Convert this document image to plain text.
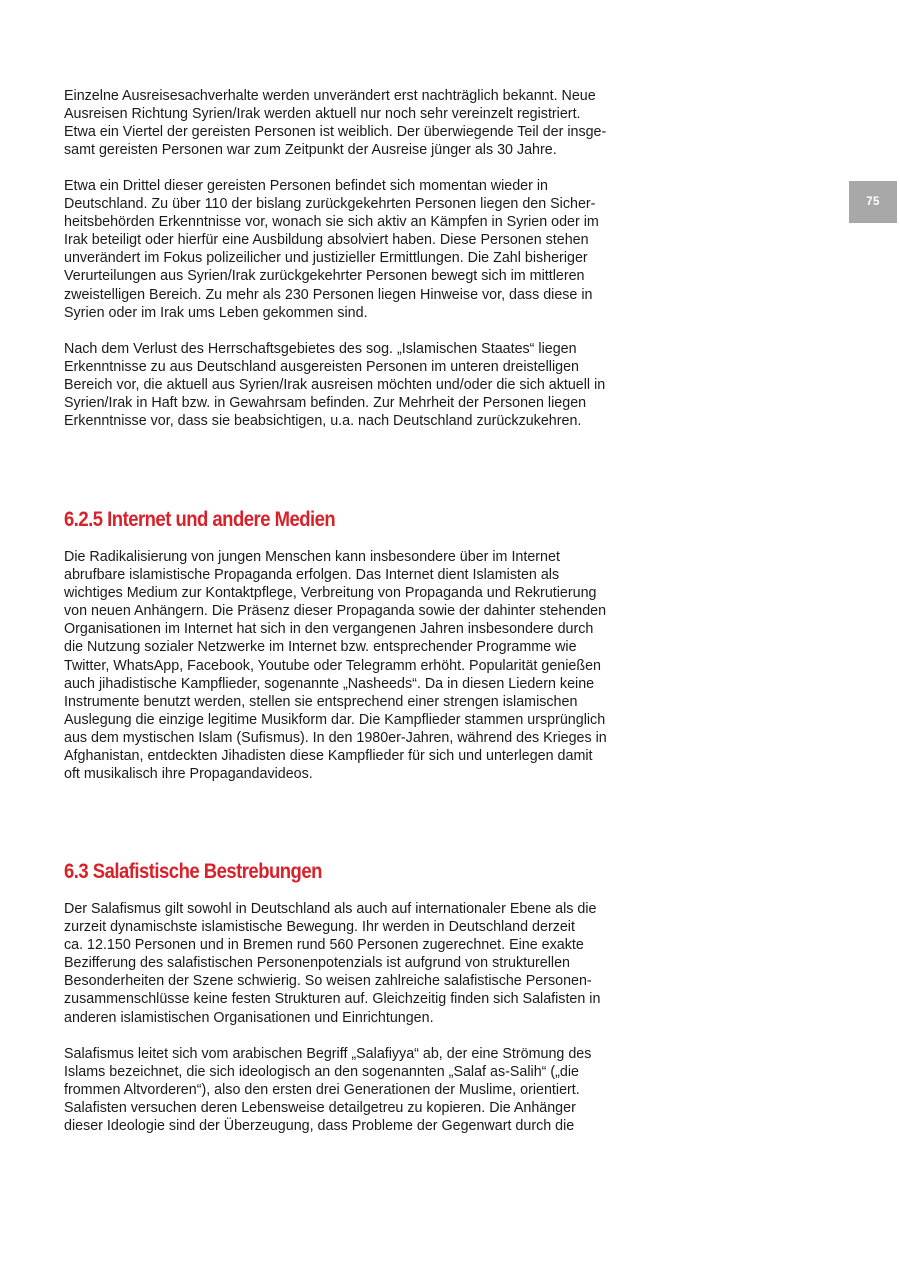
75

Einzelne Ausreisesachverhalte werden unverändert erst nachträglich bekannt. Neue

Ausreisen Richtung Syrien/Irak werden aktuell nur noch sehr vereinzelt registriert.

Etwa ein Viertel der gereisten Personen ist weiblich. Der überwiegende Teil der insge-

samt gereisten Personen war zum Zeitpunkt der Ausreise jünger als 30 Jahre.

Etwa ein Drittel dieser gereisten Personen befindet sich momentan wieder in

Deutschland. Zu über 110 der bislang zurückgekehrten Personen liegen den Sicher-

heitsbehörden Erkenntnisse vor, wonach sie sich aktiv an Kämpfen in Syrien oder im

Irak beteiligt oder hierfür eine Ausbildung absolviert haben. Diese Personen stehen

unverändert im Fokus polizeilicher und justizieller Ermittlungen. Die Zahl bisheriger

Verurteilungen aus Syrien/Irak zurückgekehrter Personen bewegt sich im mittleren

zweistelligen Bereich. Zu mehr als 230 Personen liegen Hinweise vor, dass diese in

Syrien oder im Irak ums Leben gekommen sind.

Nach dem Verlust des Herrschaftsgebietes des sog. „Islamischen Staates“ liegen

Erkenntnisse zu aus Deutschland ausgereisten Personen im unteren dreistelligen

Bereich vor, die aktuell aus Syrien/Irak ausreisen möchten und/oder die sich aktuell in

Syrien/Irak in Haft bzw. in Gewahrsam befinden. Zur Mehrheit der Personen liegen

Erkenntnisse vor, dass sie beabsichtigen, u.a. nach Deutschland zurückzukehren.

6.2.5 Internet und andere Medien

Die Radikalisierung von jungen Menschen kann insbesondere über im Internet

abrufbare islamistische Propaganda erfolgen. Das Internet dient Islamisten als

wichtiges Medium zur Kontaktpflege, Verbreitung von Propaganda und Rekrutierung

von neuen Anhängern. Die Präsenz dieser Propaganda sowie der dahinter stehenden

Organisationen im Internet hat sich in den vergangenen Jahren insbesondere durch

die Nutzung sozialer Netzwerke im Internet bzw. entsprechender Programme wie

Twitter, WhatsApp, Facebook, Youtube oder Telegramm erhöht. Popularität genießen

auch jihadistische Kampflieder, sogenannte „Nasheeds“. Da in diesen Liedern keine

Instrumente benutzt werden, stellen sie entsprechend einer strengen islamischen

Auslegung die einzige legitime Musikform dar. Die Kampflieder stammen ursprünglich

aus dem mystischen Islam (Sufismus). In den 1980er-Jahren, während des Krieges in

Afghanistan, entdeckten Jihadisten diese Kampflieder für sich und unterlegen damit

oft musikalisch ihre Propagandavideos.

6.3 Salafistische Bestrebungen

Der Salafismus gilt sowohl in Deutschland als auch auf internationaler Ebene als die

zurzeit dynamischste islamistische Bewegung. Ihr werden in Deutschland derzeit

ca. 12.150 Personen und in Bremen rund 560 Personen zugerechnet. Eine exakte

Bezifferung des salafistischen Personenpotenzials ist aufgrund von strukturellen

Besonderheiten der Szene schwierig. So weisen zahlreiche salafistische Personen-

zusammenschlüsse keine festen Strukturen auf. Gleichzeitig finden sich Salafisten in

anderen islamistischen Organisationen und Einrichtungen.

Salafismus leitet sich vom arabischen Begriff „Salafiyya“ ab, der eine Strömung des

Islams bezeichnet, die sich ideologisch an den sogenannten „Salaf as-Salih“ („die

frommen Altvorderen“), also den ersten drei Generationen der Muslime, orientiert.

Salafisten versuchen deren Lebensweise detailgetreu zu kopieren. Die Anhänger

dieser Ideologie sind der Überzeugung, dass Probleme der Gegenwart durch die
